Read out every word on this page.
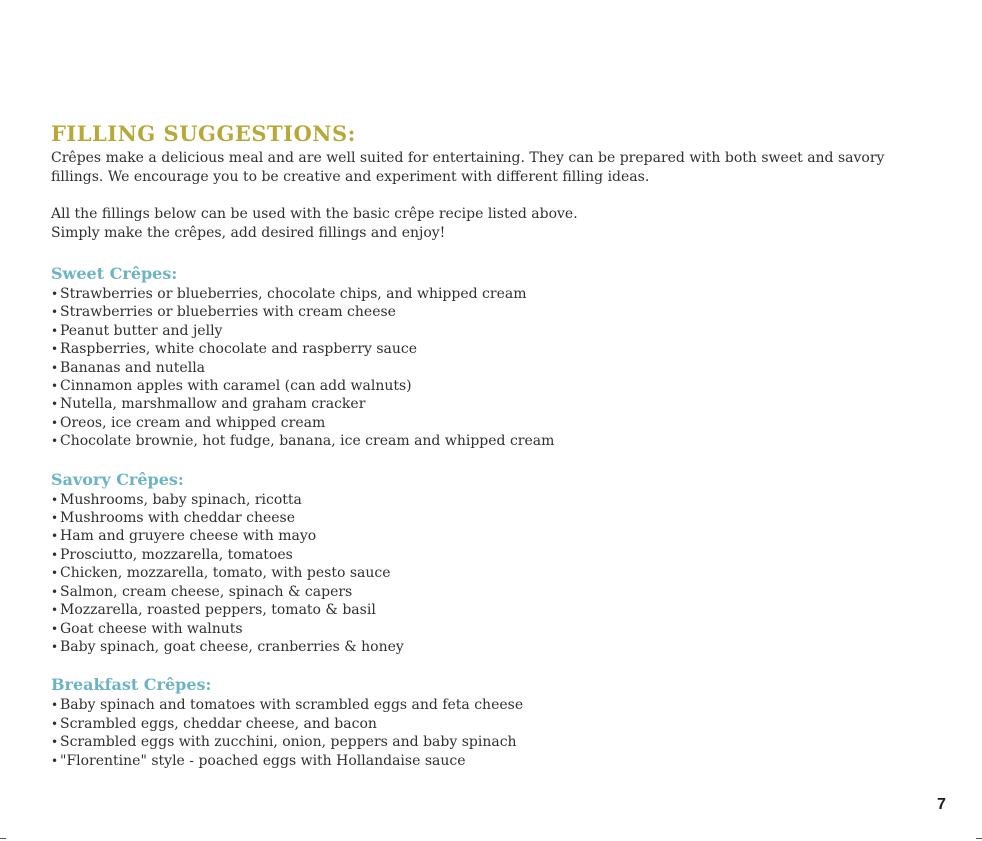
FILLING SUGGESTIONS:

Crêpes make a delicious meal and are well suited for entertaining. They can be prepared with both sweet and savory

fillings. We encourage you to be creative and experiment with different filling ideas.

All the fillings below can be used with the basic crêpe recipe listed above.

Simply make the crêpes, add desired fillings and enjoy!

Sweet Crêpes:
• Strawberries or blueberries, chocolate chips, and whipped cream
• Strawberries or blueberries with cream cheese
• Peanut butter and jelly
• Raspberries, white chocolate and raspberry sauce
• Bananas and nutella
• Cinnamon apples with caramel (can add walnuts)
• Nutella, marshmallow and graham cracker
• Oreos, ice cream and whipped cream
• Chocolate brownie, hot fudge, banana, ice cream and whipped cream
Savory Crêpes:
• Mushrooms, baby spinach, ricotta
• Mushrooms with cheddar cheese
• Ham and gruyere cheese with mayo
• Prosciutto, mozzarella, tomatoes
• Chicken, mozzarella, tomato, with pesto sauce
• Salmon, cream cheese, spinach & capers
• Mozzarella, roasted peppers, tomato & basil
• Goat cheese with walnuts
• Baby spinach, goat cheese, cranberries & honey
Breakfast Crêpes:
• Baby spinach and tomatoes with scrambled eggs and feta cheese
• Scrambled eggs, cheddar cheese, and bacon
• Scrambled eggs with zucchini, onion, peppers and baby spinach
• "Florentine" style - poached eggs with Hollandaise sauce
7
